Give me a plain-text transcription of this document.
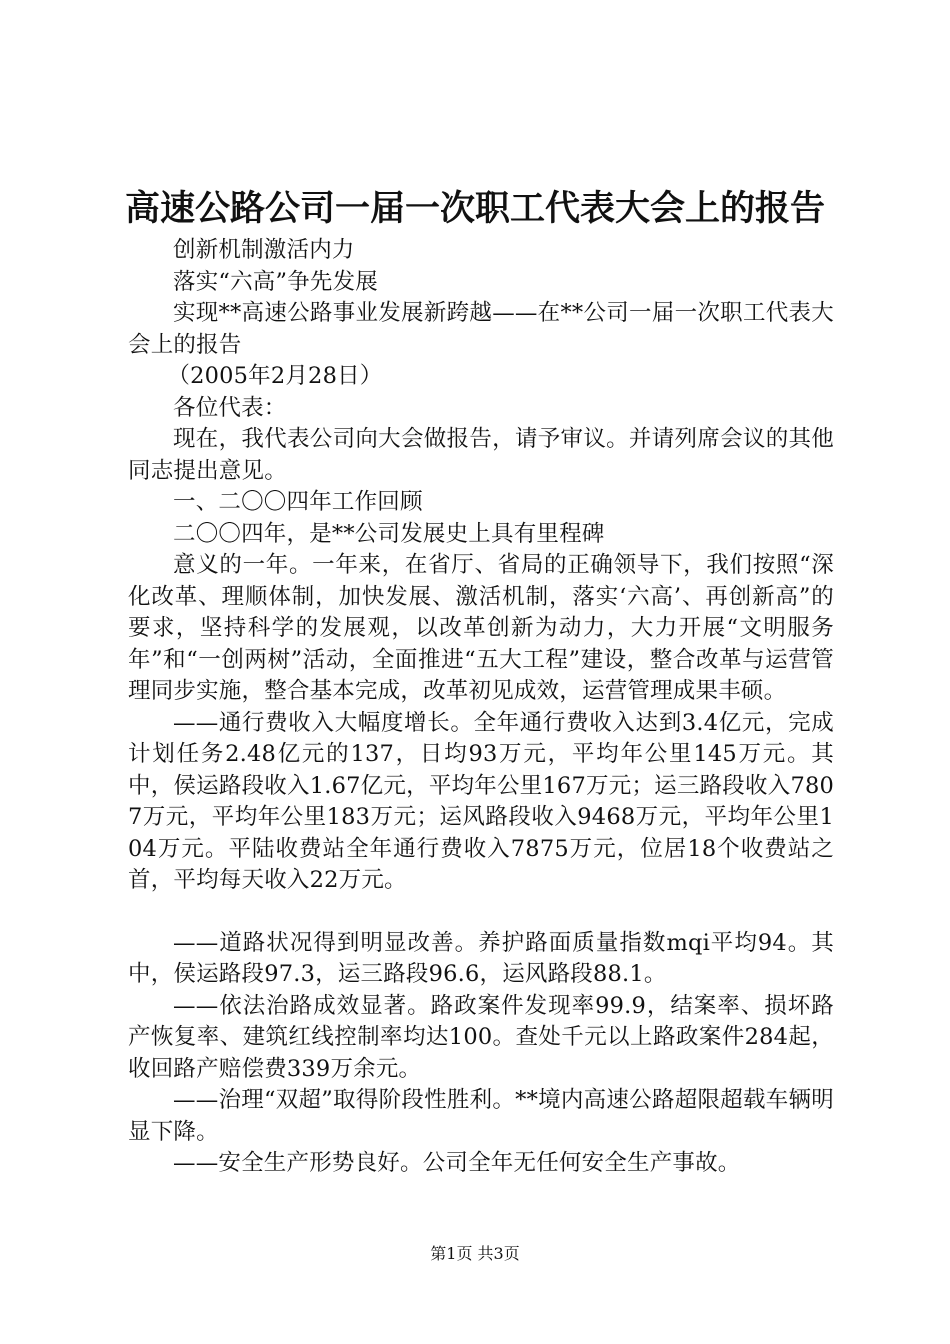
高速公路公司一届一次职工代表大会上的报告

创新机制激活内力

落实“六高”争先发展

实现**高速公路事业发展新跨越——在**公司一届一次职工代表大会上的报告

（2005年2月28日）

各位代表：

现在，我代表公司向大会做报告，请予审议。并请列席会议的其他同志提出意见。

一、二〇〇四年工作回顾

二〇〇四年，是**公司发展史上具有里程碑

意义的一年。一年来，在省厅、省局的正确领导下，我们按照“深化改革、理顺体制，加快发展、激活机制，落实‘六高’、再创新高”的要求，坚持科学的发展观，以改革创新为动力，大力开展“文明服务年”和“一创两树”活动，全面推进“五大工程”建设，整合改革与运营管理同步实施，整合基本完成，改革初见成效，运营管理成果丰硕。

——通行费收入大幅度增长。全年通行费收入达到3.4亿元，完成计划任务2.48亿元的137，日均93万元，平均年公里145万元。其中，侯运路段收入1.67亿元，平均年公里167万元；运三路段收入7807万元，平均年公里183万元；运风路段收入9468万元，平均年公里104万元。平陆收费站全年通行费收入7875万元，位居18个收费站之首，平均每天收入22万元。

——道路状况得到明显改善。养护路面质量指数mqi平均94。其中，侯运路段97.3，运三路段96.6，运风路段88.1。

——依法治路成效显著。路政案件发现率99.9，结案率、损坏路产恢复率、建筑红线控制率均达100。查处千元以上路政案件284起，收回路产赔偿费339万余元。

——治理“双超”取得阶段性胜利。**境内高速公路超限超载车辆明显下降。

——安全生产形势良好。公司全年无任何安全生产事故。

第1页 共3页
